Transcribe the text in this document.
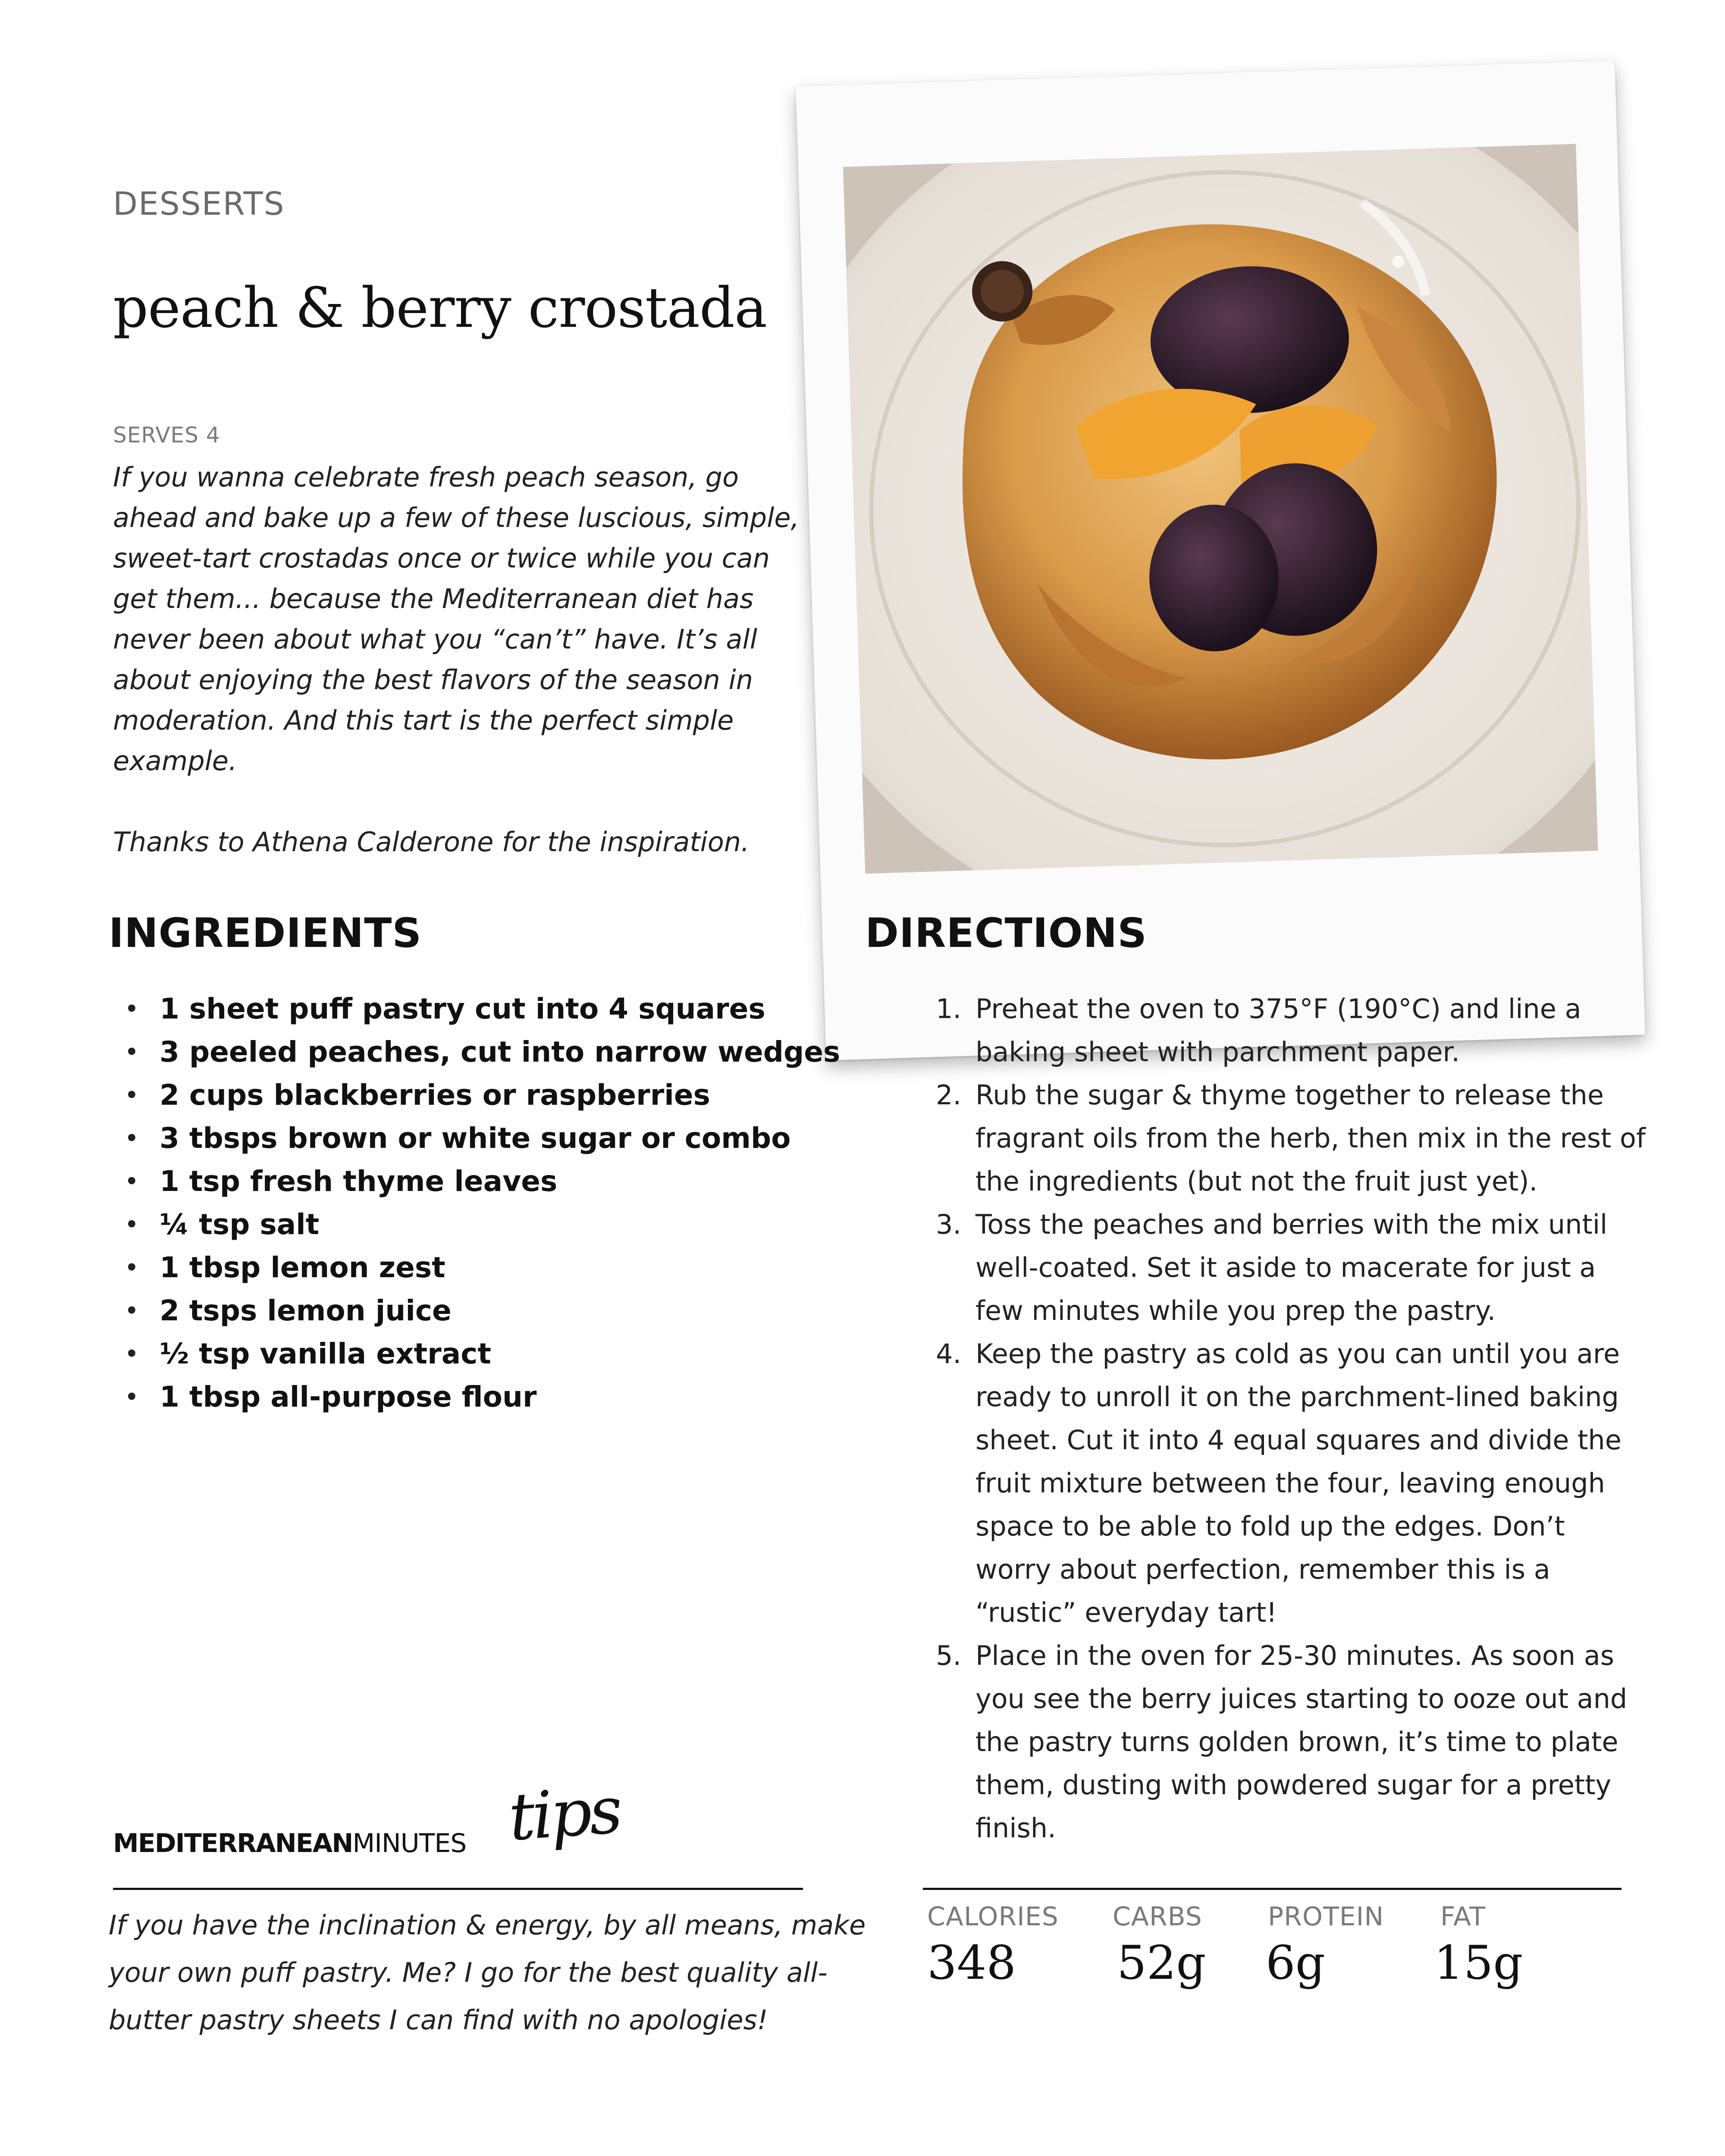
DESSERTS
peach & berry crostada
SERVES 4

If you wanna celebrate fresh peach season, go ahead and bake up a few of these luscious, simple, sweet-tart crostadas once or twice while you can get them... because the Mediterranean diet has never been about what you “can’t” have. It’s all about enjoying the best flavors of the season in moderation. And this tart is the perfect simple example.

Thanks to Athena Calderone for the inspiration.

INGREDIENTS	DIRECTIONS
• 1 sheet puff pastry cut into 4 squares
• 3 peeled peaches, cut into narrow wedges
• 2 cups blackberries or raspberries
• 3 tbsps brown or white sugar or combo
• 1 tsp fresh thyme leaves
• ¼ tsp salt
• 1 tbsp lemon zest
• 2 tsps lemon juice
• ½ tsp vanilla extract
• 1 tbsp all-purpose flour
1. Preheat the oven to 375°F (190°C) and line a baking sheet with parchment paper.
2. Rub the sugar & thyme together to release the fragrant oils from the herb, then mix in the rest of the ingredients (but not the fruit just yet).
3. Toss the peaches and berries with the mix until well-coated. Set it aside to macerate for just a few minutes while you prep the pastry.
4. Keep the pastry as cold as you can until you are ready to unroll it on the parchment-lined baking sheet. Cut it into 4 equal squares and divide the fruit mixture between the four, leaving enough space to be able to fold up the edges. Don’t worry about perfection, remember this is a “rustic” everyday tart!
5. Place in the oven for 25-30 minutes. As soon as you see the berry juices starting to ooze out and the pastry turns golden brown, it’s time to plate them, dusting with powdered sugar for a pretty finish.
MEDITERRANEANMINUTES tips
If you have the inclination & energy, by all means, make your own puff pastry. Me? I go for the best quality all-butter pastry sheets I can find with no apologies!
CALORIES CARBS	PROTEIN FAT
348 52g 6g 15g
